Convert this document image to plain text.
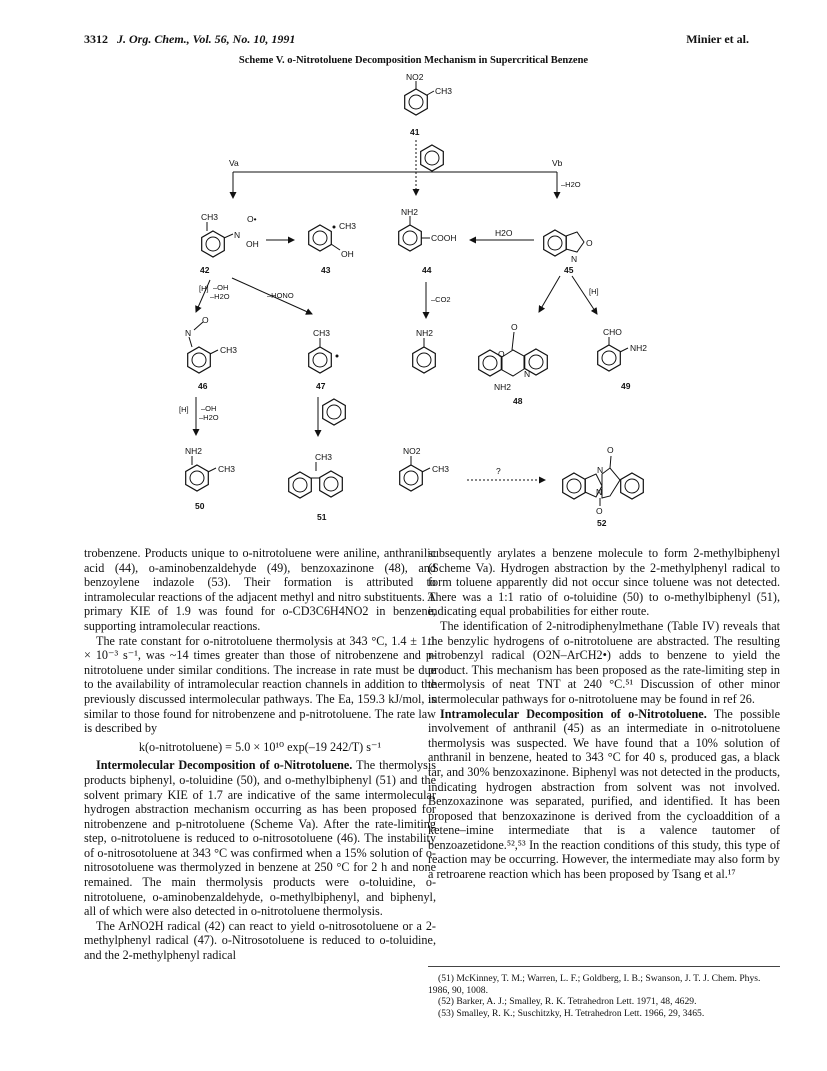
3312 J. Org. Chem., Vol. 56, No. 10, 1991	Minier et al.
Scheme V. o-Nitrotoluene Decomposition Mechanism in Supercritical Benzene
NO2
CH3
41
Va	Vb
–H2O
CH3
N
O•
OH
42
CH3
OH
43
NH2
COOH
44
H2O
O
N
45
[H] –OH
–H2O	–HONO	–CO2
[H]
N
O
CH3
46
CH3
47
NH2
O
O
N
NH2
48
CHO
NH2
49
[H] –OH
–H2O
NH2
CH3
50
CH3
51
NO2
CH3	?
O
N
N
O
52

trobenzene. Products unique to o-nitrotoluene were aniline, anthranilic acid (44), o-aminobenzaldehyde (49), benzoxazinone (48), and benzoylene indazole (53). Their formation is attributed to intramolecular reactions of the adjacent methyl and nitro substituents. A primary KIE of 1.9 was found for o-CD3C6H4NO2 in benzene, supporting intramolecular reactions.

The rate constant for o-nitrotoluene thermolysis at 343 °C, 1.4 ± 1.1 × 10⁻³ s⁻¹, was ~14 times greater than those of nitrobenzene and p-nitrotoluene under similar conditions. The increase in rate must be due to the availability of intramolecular reaction channels in addition to the previously discussed intermolecular pathways. The Ea, 159.3 kJ/mol, is similar to those found for nitrobenzene and p-nitrotoluene. The rate law is described by

k(o-nitrotoluene) = 5.0 × 10¹⁰ exp(–19 242/T) s⁻¹

Intermolecular Decomposition of o-Nitrotoluene. The thermolysis products biphenyl, o-toluidine (50), and o-methylbiphenyl (51) and the solvent primary KIE of 1.7 are indicative of the same intermolecular hydrogen abstraction mechanism occurring as has been proposed for nitrobenzene and p-nitrotoluene (Scheme Va). After the rate-limiting step, o-nitrotoluene is reduced to o-nitrosotoluene (46). The instability of o-nitrosotoluene at 343 °C was confirmed when a 15% solution of o-nitrosotoluene was thermolyzed in benzene at 250 °C for 2 h and none remained. The main thermolysis products were o-toluidine, o-nitrotoluene, o-aminobenzaldehyde, o-methylbiphenyl, and biphenyl, all of which were also detected in o-nitrotoluene thermolysis.

The ArNO2H radical (42) can react to yield o-nitrosotoluene or a 2-methylphenyl radical (47). o-Nitrosotoluene is reduced to o-toluidine, and the 2-methylphenyl radical

subsequently arylates a benzene molecule to form 2-methylbiphenyl (Scheme Va). Hydrogen abstraction by the 2-methylphenyl radical to form toluene apparently did not occur since toluene was not detected. There was a 1:1 ratio of o-toluidine (50) to o-methylbiphenyl (51), indicating equal probabilities for either route.

The identification of 2-nitrodiphenylmethane (Table IV) reveals that the benzylic hydrogens of o-nitrotoluene are abstracted. The resulting nitrobenzyl radical (O2N–ArCH2•) adds to benzene to yield the product. This mechanism has been proposed as the rate-limiting step in thermolysis of neat TNT at 240 °C.⁵¹ Discussion of other minor intermolecular pathways for o-nitrotoluene may be found in ref 26.

Intramolecular Decomposition of o-Nitrotoluene. The possible involvement of anthranil (45) as an intermediate in o-nitrotoluene thermolysis was suspected. We have found that a 10% solution of anthranil in benzene, heated to 343 °C for 40 s, produced gas, a black tar, and 30% benzoxazinone. Biphenyl was not detected in the products, indicating hydrogen abstraction from solvent was not involved. Benzoxazinone was separated, purified, and identified. It has been proposed that benzoxazinone is derived from the cycloaddition of a ketene–imine intermediate that is a valence tautomer of benzoazetidone.⁵²,⁵³ In the reaction conditions of this study, this type of reaction may be occurring. However, the intermediate may also form by a retroarene reaction which has been proposed by Tsang et al.¹⁷

(51) McKinney, T. M.; Warren, L. F.; Goldberg, I. B.; Swanson, J. T. J. Chem. Phys. 1986, 90, 1008.

(52) Barker, A. J.; Smalley, R. K. Tetrahedron Lett. 1971, 48, 4629.

(53) Smalley, R. K.; Suschitzky, H. Tetrahedron Lett. 1966, 29, 3465.
